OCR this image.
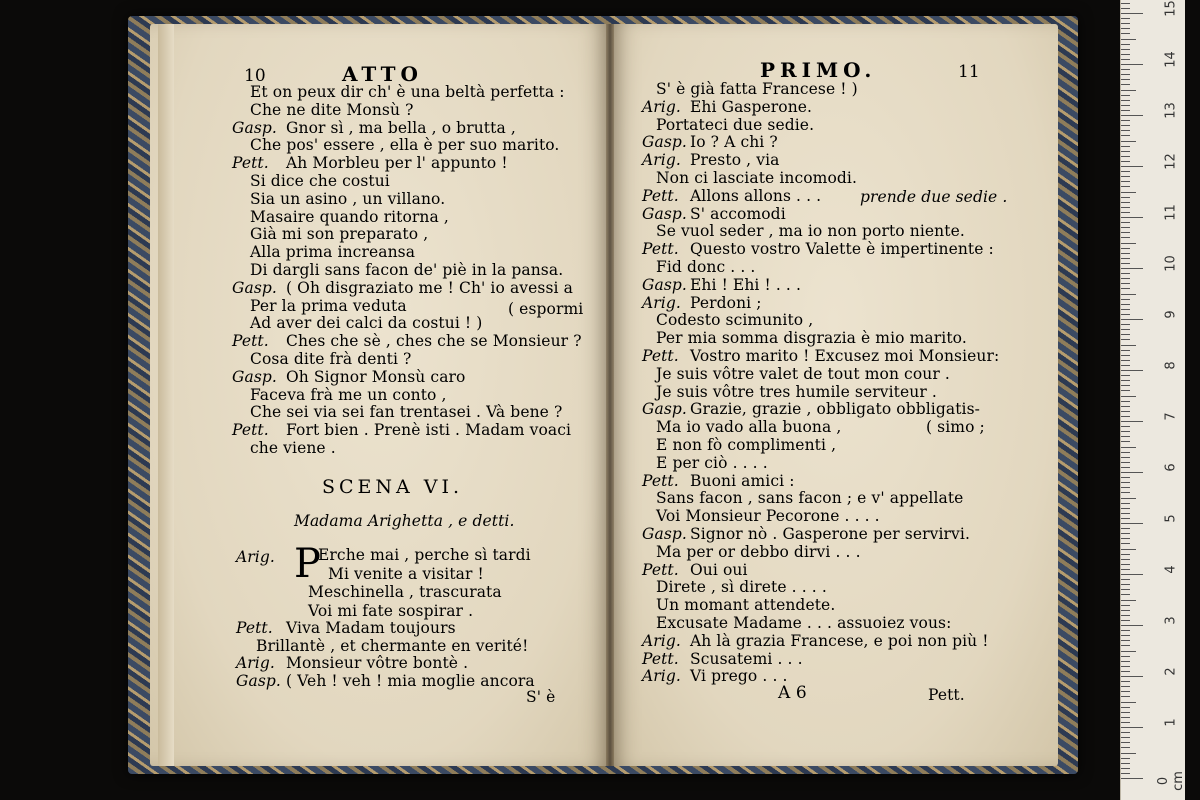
10	ATTO
( espormi
SCENA VI.
Madama Arighetta , e detti.
Arig. P
S' è
PRIMO.	11
prende due sedie .
( simo ;
A 6	Pett.
Et on peux dir ch' è una beltà perfetta :
Che ne dite Monsù ?
Gasp. Gnor sì , ma bella , o brutta ,
Che pos' essere , ella è per suo marito.
Pett. Ah Morbleu per l' appunto !
Si dice che costui
Sia un asino , un villano.
Masaire quando ritorna ,
Già mi son preparato ,
Alla prima increansa
Di dargli sans facon de' piè in la pansa.
Gasp. ( Oh disgraziato me ! Ch' io avessi a
Per la prima veduta
Ad aver dei calci da costui ! )
Pett. Ches che sè , ches che se Monsieur ?
Cosa dite frà denti ?
Gasp. Oh Signor Monsù caro
Faceva frà me un conto ,
Che sei via sei fan trentasei . Và bene ?
Pett. Fort bien . Prenè isti . Madam voaci
che viene .
Erche mai , perche sì tardi
Mi venite a visitar !
Meschinella , trascurata
Voi mi fate sospirar .
Pett. Viva Madam toujours
Brillantè , et chermante en verité!
Arig. Monsieur vôtre bontè .
Gasp. ( Veh ! veh ! mia moglie ancora
S' è già fatta Francese ! )
Arig. Ehi Gasperone.
Portateci due sedie.
Gasp. Io ? A chi ?
Arig. Presto , via
Non ci lasciate incomodi.
Pett. Allons allons . . .
Gasp. S' accomodi
Se vuol seder , ma io non porto niente.
Pett. Questo vostro Valette è impertinente :
Fid donc . . .
Gasp. Ehi ! Ehi ! . . .
Arig. Perdoni ;
Codesto scimunito ,
Per mia somma disgrazia è mio marito.
Pett. Vostro marito ! Excusez moi Monsieur:
Je suis vôtre valet de tout mon cour .
Je suis vôtre tres humile serviteur .
Gasp. Grazie, grazie , obbligato obbligatis-
Ma io vado alla buona ,
E non fò complimenti ,
E per ciò . . . .
Pett. Buoni amici :
Sans facon , sans facon ; e v' appellate
Voi Monsieur Pecorone . . . .
Gasp. Signor nò . Gasperone per servirvi.
Ma per or debbo dirvi . . .
Pett. Oui oui
Direte , sì direte . . . .
Un momant attendete.
Excusate Madame . . . assuoiez vous:
Arig. Ah là grazia Francese, e poi non più !
Pett. Scusatemi . . .
Arig. Vi prego . . .
15
14
13
12
11
10
9
8
7
6
5
4
3
2
1
0 cm
